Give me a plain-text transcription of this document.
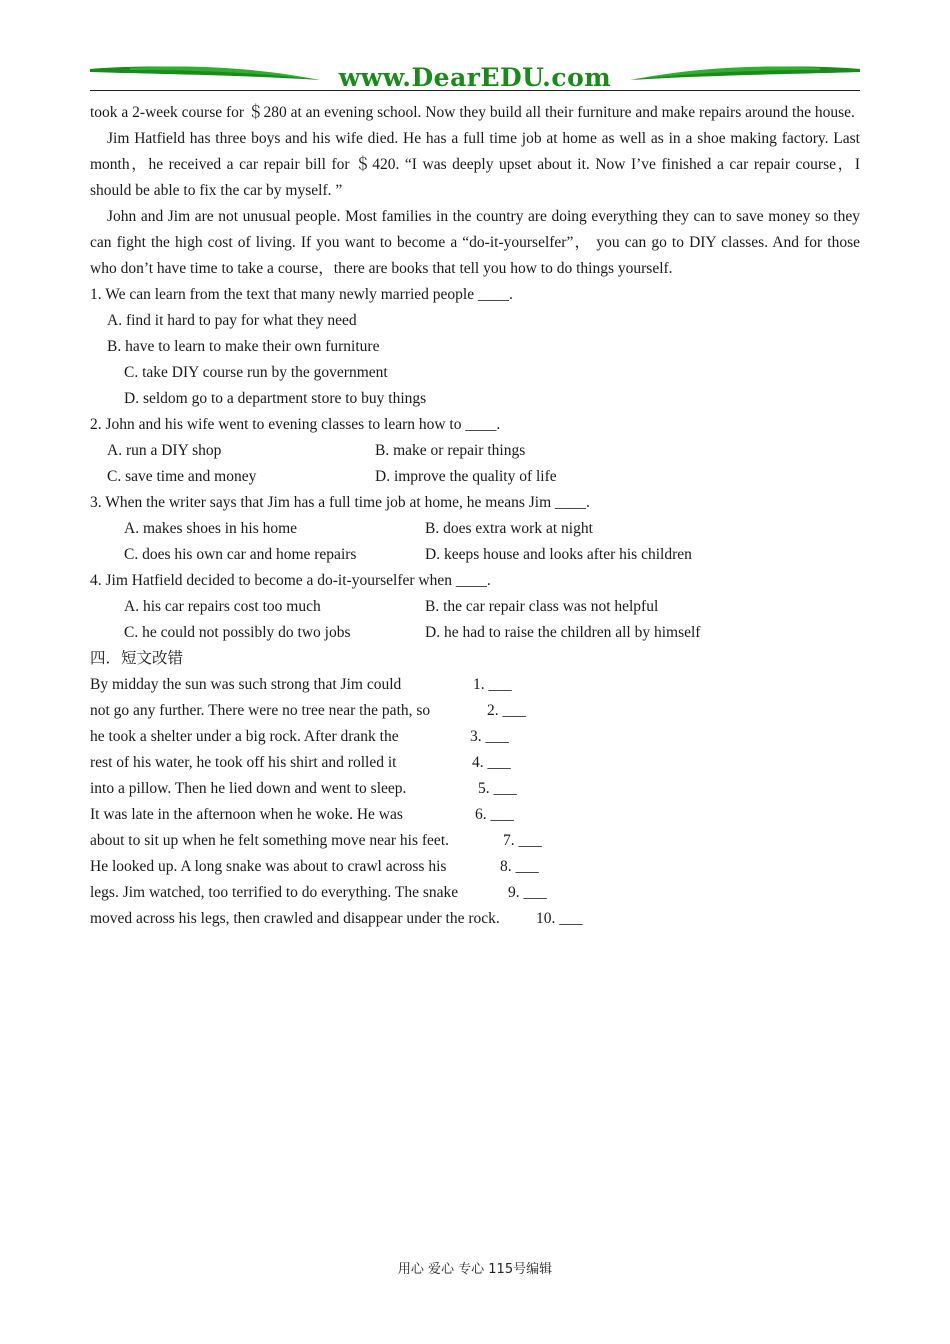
www.DearEDU.com
took a 2-week course for ＄280 at an evening school. Now they build all their furniture and make repairs around the house.
Jim Hatfield has three boys and his wife died. He has a full time job at home as well as in a shoe making factory. Last month，he received a car repair bill for ＄420. “I was deeply upset about it. Now I’ve finished a car repair course，I should be able to fix the car by myself. ”
John and Jim are not unusual people. Most families in the country are doing everything they can to save money so they can fight the high cost of living. If you want to become a “do-it-yourselfer”， you can go to DIY classes. And for those who don’t have time to take a course，there are books that tell you how to do things yourself.
1. We can learn from the text that many newly married people ____.
A. find it hard to pay for what they need
B. have to learn to make their own furniture
C. take DIY course run by the government
D. seldom go to a department store to buy things
2. John and his wife went to evening classes to learn how to ____.
A. run a DIY shop	B. make or repair things
C. save time and money	D. improve the quality of life
3. When the writer says that Jim has a full time job at home, he means Jim ____.
A. makes shoes in his home	B. does extra work at night
C. does his own car and home repairs	D. keeps house and looks after his children
4. Jim Hatfield decided to become a do-it-yourselfer when ____.
A. his car repairs cost too much	B. the car repair class was not helpful
C. he could not possibly do two jobs	D. he had to raise the children all by himself
四．短文改错
By midday the sun was such strong that Jim could	1. ___
not go any further. There were no tree near the path, so	2. ___
he took a shelter under a big rock. After drank the	3. ___
rest of his water, he took off his shirt and rolled it	4. ___
into a pillow. Then he lied down and went to sleep.	5. ___
It was late in the afternoon when he woke. He was	6. ___
about to sit up when he felt something move near his feet.	7. ___
He looked up. A long snake was about to crawl across his	8. ___
legs. Jim watched, too terrified to do everything. The snake	9. ___
moved across his legs, then crawled and disappear under the rock. 10. ___
用心 爱心 专心 115号编辑
